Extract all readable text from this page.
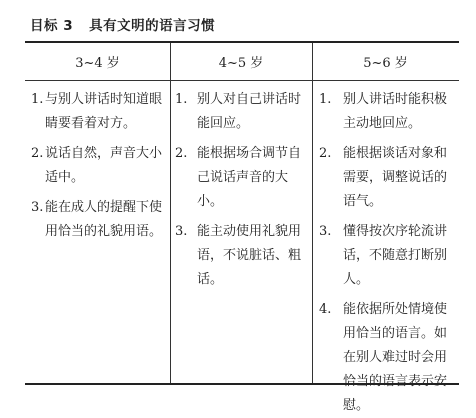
目标 3 具有文明的语言习惯
3~4 岁	4~5 岁	5~6 岁
1. 与别人讲话时知道眼睛要看着对方。
2. 说话自然，声音大小适中。
3. 能在成人的提醒下使用恰当的礼貌用语。
1. 别人对自己讲话时能回应。
2. 能根据场合调节自己说话声音的大小。
3. 能主动使用礼貌用语，不说脏话、粗话。
1. 别人讲话时能积极主动地回应。
2. 能根据谈话对象和需要，调整说话的语气。
3. 懂得按次序轮流讲话，不随意打断别人。
4. 能依据所处情境使用恰当的语言。如在别人难过时会用恰当的语言表示安慰。
